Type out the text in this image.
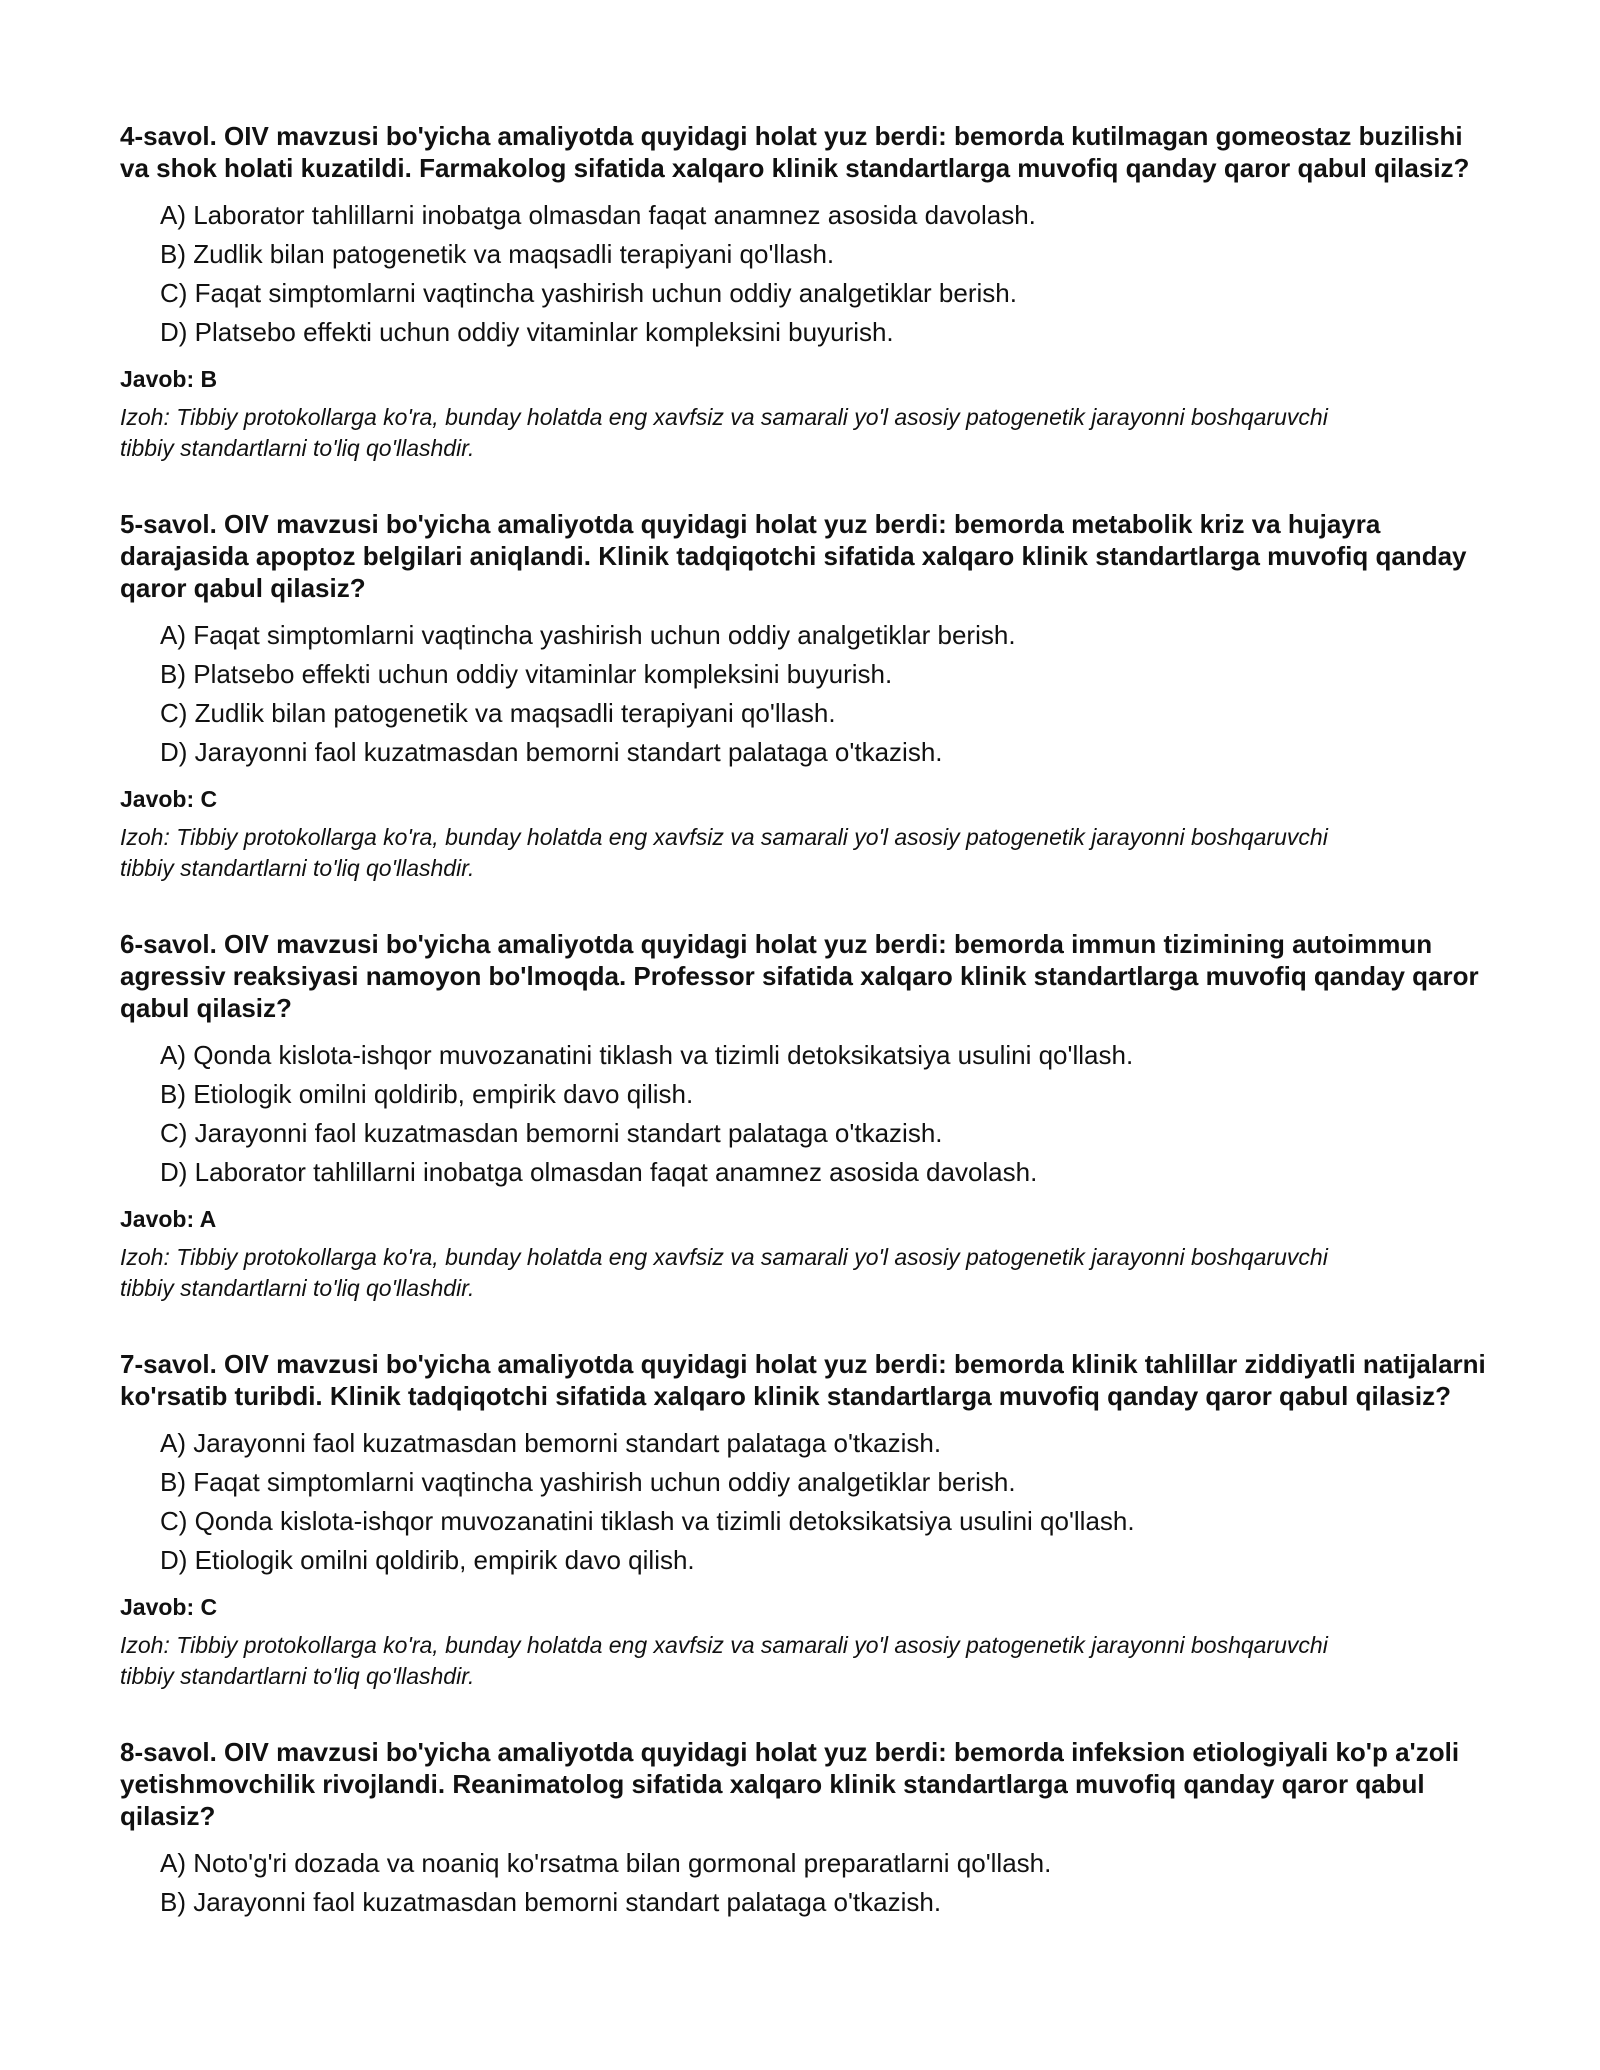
4-savol. OIV mavzusi bo'yicha amaliyotda quyidagi holat yuz berdi: bemorda kutilmagan gomeostaz buzilishi va shok holati kuzatildi. Farmakolog sifatida xalqaro klinik standartlarga muvofiq qanday qaror qabul qilasiz?
A) Laborator tahlillarni inobatga olmasdan faqat anamnez asosida davolash.
B) Zudlik bilan patogenetik va maqsadli terapiyani qo'llash.
C) Faqat simptomlarni vaqtincha yashirish uchun oddiy analgetiklar berish.
D) Platsebo effekti uchun oddiy vitaminlar kompleksini buyurish.
Javob: B
Izoh: Tibbiy protokollarga ko'ra, bunday holatda eng xavfsiz va samarali yo'l asosiy patogenetik jarayonni boshqaruvchi tibbiy standartlarni to'liq qo'llashdir.
5-savol. OIV mavzusi bo'yicha amaliyotda quyidagi holat yuz berdi: bemorda metabolik kriz va hujayra darajasida apoptoz belgilari aniqlandi. Klinik tadqiqotchi sifatida xalqaro klinik standartlarga muvofiq qanday qaror qabul qilasiz?
A) Faqat simptomlarni vaqtincha yashirish uchun oddiy analgetiklar berish.
B) Platsebo effekti uchun oddiy vitaminlar kompleksini buyurish.
C) Zudlik bilan patogenetik va maqsadli terapiyani qo'llash.
D) Jarayonni faol kuzatmasdan bemorni standart palataga o'tkazish.
Javob: C
Izoh: Tibbiy protokollarga ko'ra, bunday holatda eng xavfsiz va samarali yo'l asosiy patogenetik jarayonni boshqaruvchi tibbiy standartlarni to'liq qo'llashdir.
6-savol. OIV mavzusi bo'yicha amaliyotda quyidagi holat yuz berdi: bemorda immun tizimining autoimmun agressiv reaksiyasi namoyon bo'lmoqda. Professor sifatida xalqaro klinik standartlarga muvofiq qanday qaror qabul qilasiz?
A) Qonda kislota-ishqor muvozanatini tiklash va tizimli detoksikatsiya usulini qo'llash.
B) Etiologik omilni qoldirib, empirik davo qilish.
C) Jarayonni faol kuzatmasdan bemorni standart palataga o'tkazish.
D) Laborator tahlillarni inobatga olmasdan faqat anamnez asosida davolash.
Javob: A
Izoh: Tibbiy protokollarga ko'ra, bunday holatda eng xavfsiz va samarali yo'l asosiy patogenetik jarayonni boshqaruvchi tibbiy standartlarni to'liq qo'llashdir.
7-savol. OIV mavzusi bo'yicha amaliyotda quyidagi holat yuz berdi: bemorda klinik tahlillar ziddiyatli natijalarni ko'rsatib turibdi. Klinik tadqiqotchi sifatida xalqaro klinik standartlarga muvofiq qanday qaror qabul qilasiz?
A) Jarayonni faol kuzatmasdan bemorni standart palataga o'tkazish.
B) Faqat simptomlarni vaqtincha yashirish uchun oddiy analgetiklar berish.
C) Qonda kislota-ishqor muvozanatini tiklash va tizimli detoksikatsiya usulini qo'llash.
D) Etiologik omilni qoldirib, empirik davo qilish.
Javob: C
Izoh: Tibbiy protokollarga ko'ra, bunday holatda eng xavfsiz va samarali yo'l asosiy patogenetik jarayonni boshqaruvchi tibbiy standartlarni to'liq qo'llashdir.
8-savol. OIV mavzusi bo'yicha amaliyotda quyidagi holat yuz berdi: bemorda infeksion etiologiyali ko'p a'zoli yetishmovchilik rivojlandi. Reanimatolog sifatida xalqaro klinik standartlarga muvofiq qanday qaror qabul qilasiz?
A) Noto'g'ri dozada va noaniq ko'rsatma bilan gormonal preparatlarni qo'llash.
B) Jarayonni faol kuzatmasdan bemorni standart palataga o'tkazish.
